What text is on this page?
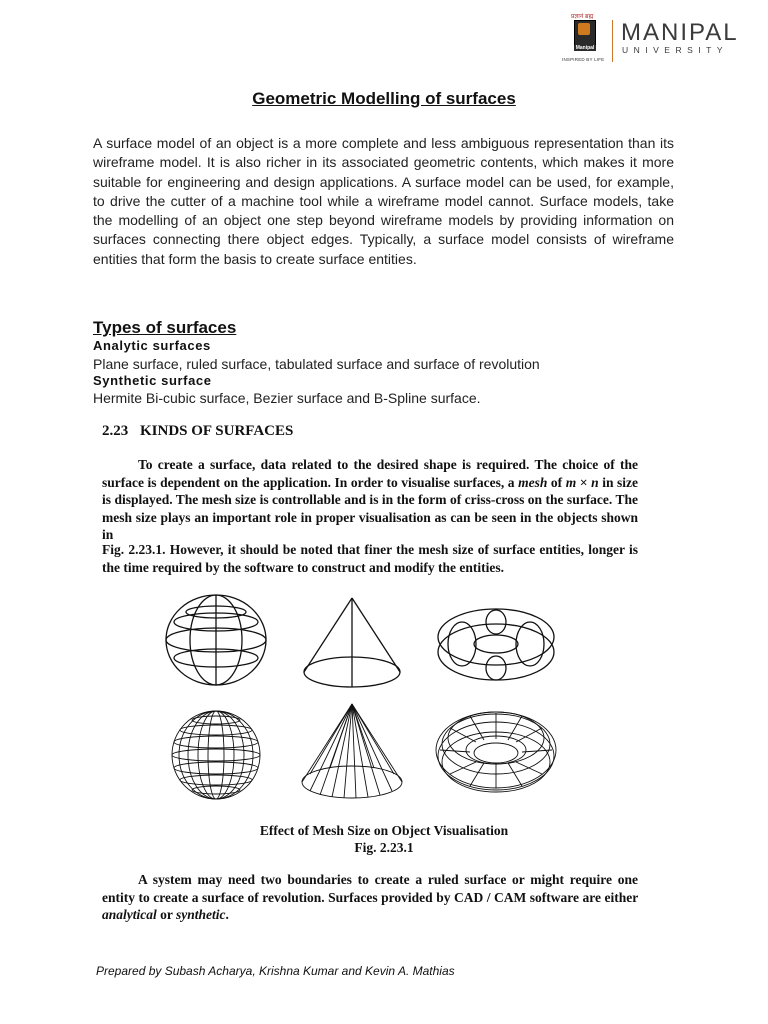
प्रज्ञानं ब्रह्म
Manipal
INSPIRED BY LIFE
MANIPAL
UNIVERSITY
Geometric Modelling of surfaces
A surface model of an object is a more complete and less ambiguous representation than its wireframe model. It is also richer in its associated geometric contents, which makes it more suitable for engineering and design applications. A surface model can be used, for example, to drive the cutter of a machine tool while a wireframe model cannot. Surface models, take the modelling of an object one step beyond wireframe models by providing information on surfaces connecting there object edges. Typically, a surface model consists of wireframe entities that form the basis to create surface entities.
Types of surfaces
Analytic surfaces
Plane surface, ruled surface, tabulated surface and surface of revolution
Synthetic surface
Hermite Bi-cubic surface, Bezier surface and B-Spline surface.
2.23 KINDS OF SURFACES
To create a surface, data related to the desired shape is required. The choice of the surface is dependent on the application. In order to visualise surfaces, a mesh of m × n in size is displayed. The mesh size is controllable and is in the form of criss-cross on the surface. The mesh size plays an important role in proper visualisation as can be seen in the objects shown in
Fig. 2.23.1. However, it should be noted that finer the mesh size of surface entities, longer is the time required by the software to construct and modify the entities.
Effect of Mesh Size on Object Visualisation
Fig. 2.23.1
A system may need two boundaries to create a ruled surface or might require one entity to create a surface of revolution. Surfaces provided by CAD / CAM software are either analytical or synthetic.
Prepared by Subash Acharya, Krishna Kumar and Kevin A. Mathias
